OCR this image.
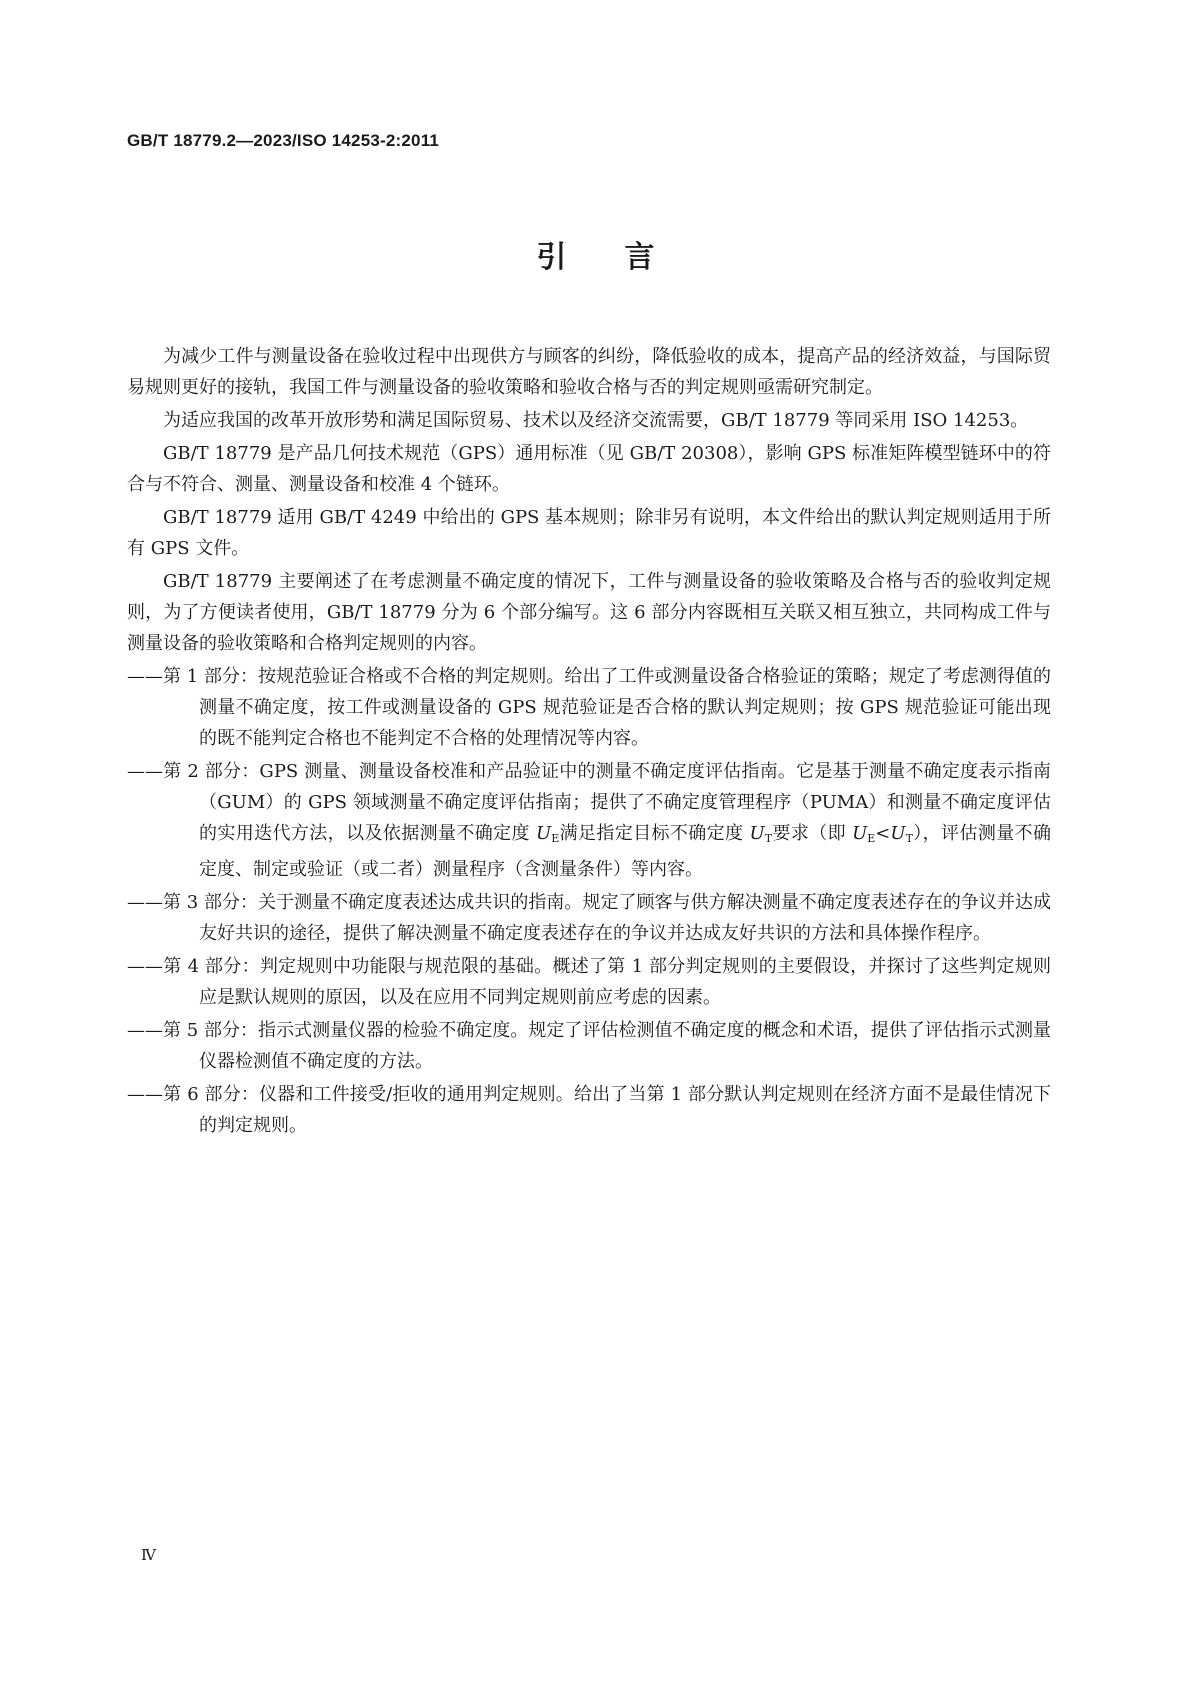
GB/T 18779.2—2023/ISO 14253-2:2011
引言

为减少工件与测量设备在验收过程中出现供方与顾客的纠纷，降低验收的成本，提高产品的经济效益，与国际贸易规则更好的接轨，我国工件与测量设备的验收策略和验收合格与否的判定规则亟需研究制定。

为适应我国的改革开放形势和满足国际贸易、技术以及经济交流需要，GB/T 18779 等同采用 ISO 14253。

GB/T 18779 是产品几何技术规范（GPS）通用标准（见 GB/T 20308），影响 GPS 标准矩阵模型链环中的符合与不符合、测量、测量设备和校准 4 个链环。

GB/T 18779 适用 GB/T 4249 中给出的 GPS 基本规则；除非另有说明，本文件给出的默认判定规则适用于所有 GPS 文件。

GB/T 18779 主要阐述了在考虑测量不确定度的情况下，工件与测量设备的验收策略及合格与否的验收判定规则，为了方便读者使用，GB/T 18779 分为 6 个部分编写。这 6 部分内容既相互关联又相互独立，共同构成工件与测量设备的验收策略和合格判定规则的内容。

——第 1 部分：按规范验证合格或不合格的判定规则。给出了工件或测量设备合格验证的策略；规定了考虑测得值的测量不确定度，按工件或测量设备的 GPS 规范验证是否合格的默认判定规则；按 GPS 规范验证可能出现的既不能判定合格也不能判定不合格的处理情况等内容。

——第 2 部分：GPS 测量、测量设备校准和产品验证中的测量不确定度评估指南。它是基于测量不确定度表示指南（GUM）的 GPS 领域测量不确定度评估指南；提供了不确定度管理程序（PUMA）和测量不确定度评估的实用迭代方法，以及依据测量不确定度 $U_E$满足指定目标不确定度 $U_T$要求（即 $U_E<U_T$），评估测量不确定度、制定或验证（或二者）测量程序（含测量条件）等内容。

——第 3 部分：关于测量不确定度表述达成共识的指南。规定了顾客与供方解决测量不确定度表述存在的争议并达成友好共识的途径，提供了解决测量不确定度表述存在的争议并达成友好共识的方法和具体操作程序。

——第 4 部分：判定规则中功能限与规范限的基础。概述了第 1 部分判定规则的主要假设，并探讨了这些判定规则应是默认规则的原因，以及在应用不同判定规则前应考虑的因素。

——第 5 部分：指示式测量仪器的检验不确定度。规定了评估检测值不确定度的概念和术语，提供了评估指示式测量仪器检测值不确定度的方法。

——第 6 部分：仪器和工件接受/拒收的通用判定规则。给出了当第 1 部分默认判定规则在经济方面不是最佳情况下的判定规则。

Ⅳ
